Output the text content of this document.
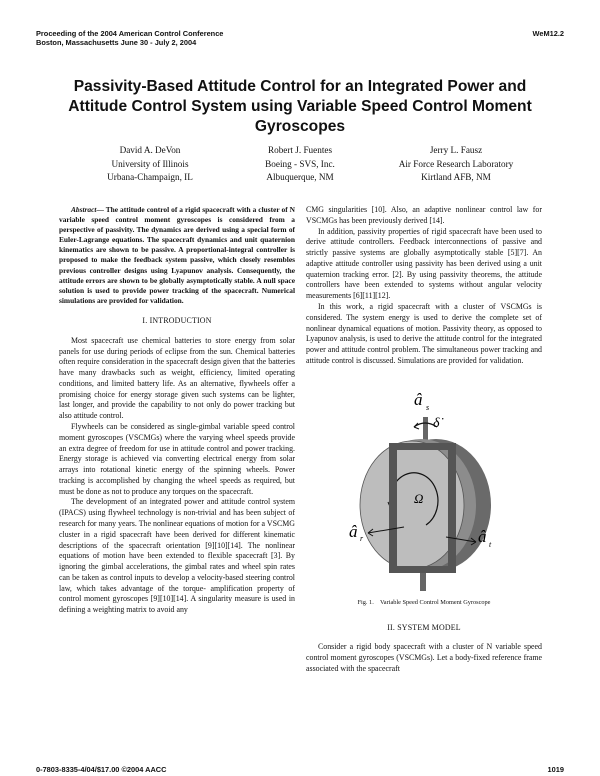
Proceeding of the 2004 American Control Conference
Boston, Massachusetts June 30 - July 2, 2004
WeM12.2
Passivity-Based Attitude Control for an Integrated Power and Attitude Control System using Variable Speed Control Moment Gyroscopes
David A. DeVon
University of Illinois
Urbana-Champaign, IL
Robert J. Fuentes
Boeing - SVS, Inc.
Albuquerque, NM
Jerry L. Fausz
Air Force Research Laboratory
Kirtland AFB, NM

Abstract— The attitude control of a rigid spacecraft with a cluster of N variable speed control moment gyroscopes is considered from a perspective of passivity. The dynamics are derived using a special form of Euler-Lagrange equations. The spacecraft dynamics and unit quaternion kinematics are shown to be passive. A proportional-integral controller is proposed to make the feedback system passive, which closely resembles previous controller designs using Lyapunov analysis. Consequently, the attitude errors are shown to be globally asymptotically stable. A null space solution is used to provide power tracking of the spacecraft. Numerical simulations are provided for validation.

I. INTRODUCTION

Most spacecraft use chemical batteries to store energy from solar panels for use during periods of eclipse from the sun. Chemical batteries often require consideration in the spacecraft design given that the batteries have many drawbacks such as weight, efficiency, limited operating conditions, and limited battery life. As an alternative, flywheels offer a promising choice for energy storage given such systems can be lighter, last longer, and provide the capability to not only do power tracking but also attitude control.

Flywheels can be considered as single-gimbal variable speed control moment gyroscopes (VSCMGs) where the varying wheel speeds provide an extra degree of freedom for use in attitude control and power tracking. Energy storage is achieved via converting electrical energy from solar arrays into rotational kinetic energy of the spinning wheels. Power tracking is accomplished by changing the wheel speeds as required, but must be done as not to produce any torques on the spacecraft.

The development of an integrated power and attitude control system (IPACS) using flywheel technology is non-trivial and has been subject of research for many years. The nonlinear equations of motion for a VSCMG cluster in a rigid spacecraft have been derived for different kinematic descriptions of the spacecraft orientation [9][10][14]. The nonlinear equations of motion have been extended to flexible spacecraft [3]. By ignoring the gimbal accelerations, the gimbal rates and wheel spin rates can be taken as control inputs to develop a velocity-based steering control law, which takes advantage of the torque- amplification property of control moment gyroscopes [9][10][14]. A singularity measure is used in defining a weighting matrix to avoid any

CMG singularities [10]. Also, an adaptive nonlinear control law for VSCMGs has been previously derived [14].

In addition, passivity properties of rigid spacecraft have been used to derive attitude controllers. Feedback interconnections of passive and strictly passive systems are globally asymptotically stable [5][7]. An adaptive attitude controller using passivity has been derived using a unit quaternion tracking error. [2]. By using passivity theorems, the attitude controllers have been extended to systems without angular velocity measurements [6][11][12].

In this work, a rigid spacecraft with a cluster of VSCMGs is considered. The system energy is used to derive the complete set of nonlinear dynamical equations of motion. Passivity theory, as opposed to Lyapunov analysis, is used to derive the attitude control for the integrated power and attitude control problem. The simultaneous power tracking and attitude control is discussed. Simulations are provided for validation.

â s
δ̇
Ω
â r	â t

Fig. 1.    Variable Speed Control Moment Gyroscope

II. SYSTEM MODEL

Consider a rigid body spacecraft with a cluster of N variable speed control moment gyroscopes (VSCMGs). Let a body-fixed reference frame associated with the spacecraft

0-7803-8335-4/04/$17.00 ©2004 AACC	1019
